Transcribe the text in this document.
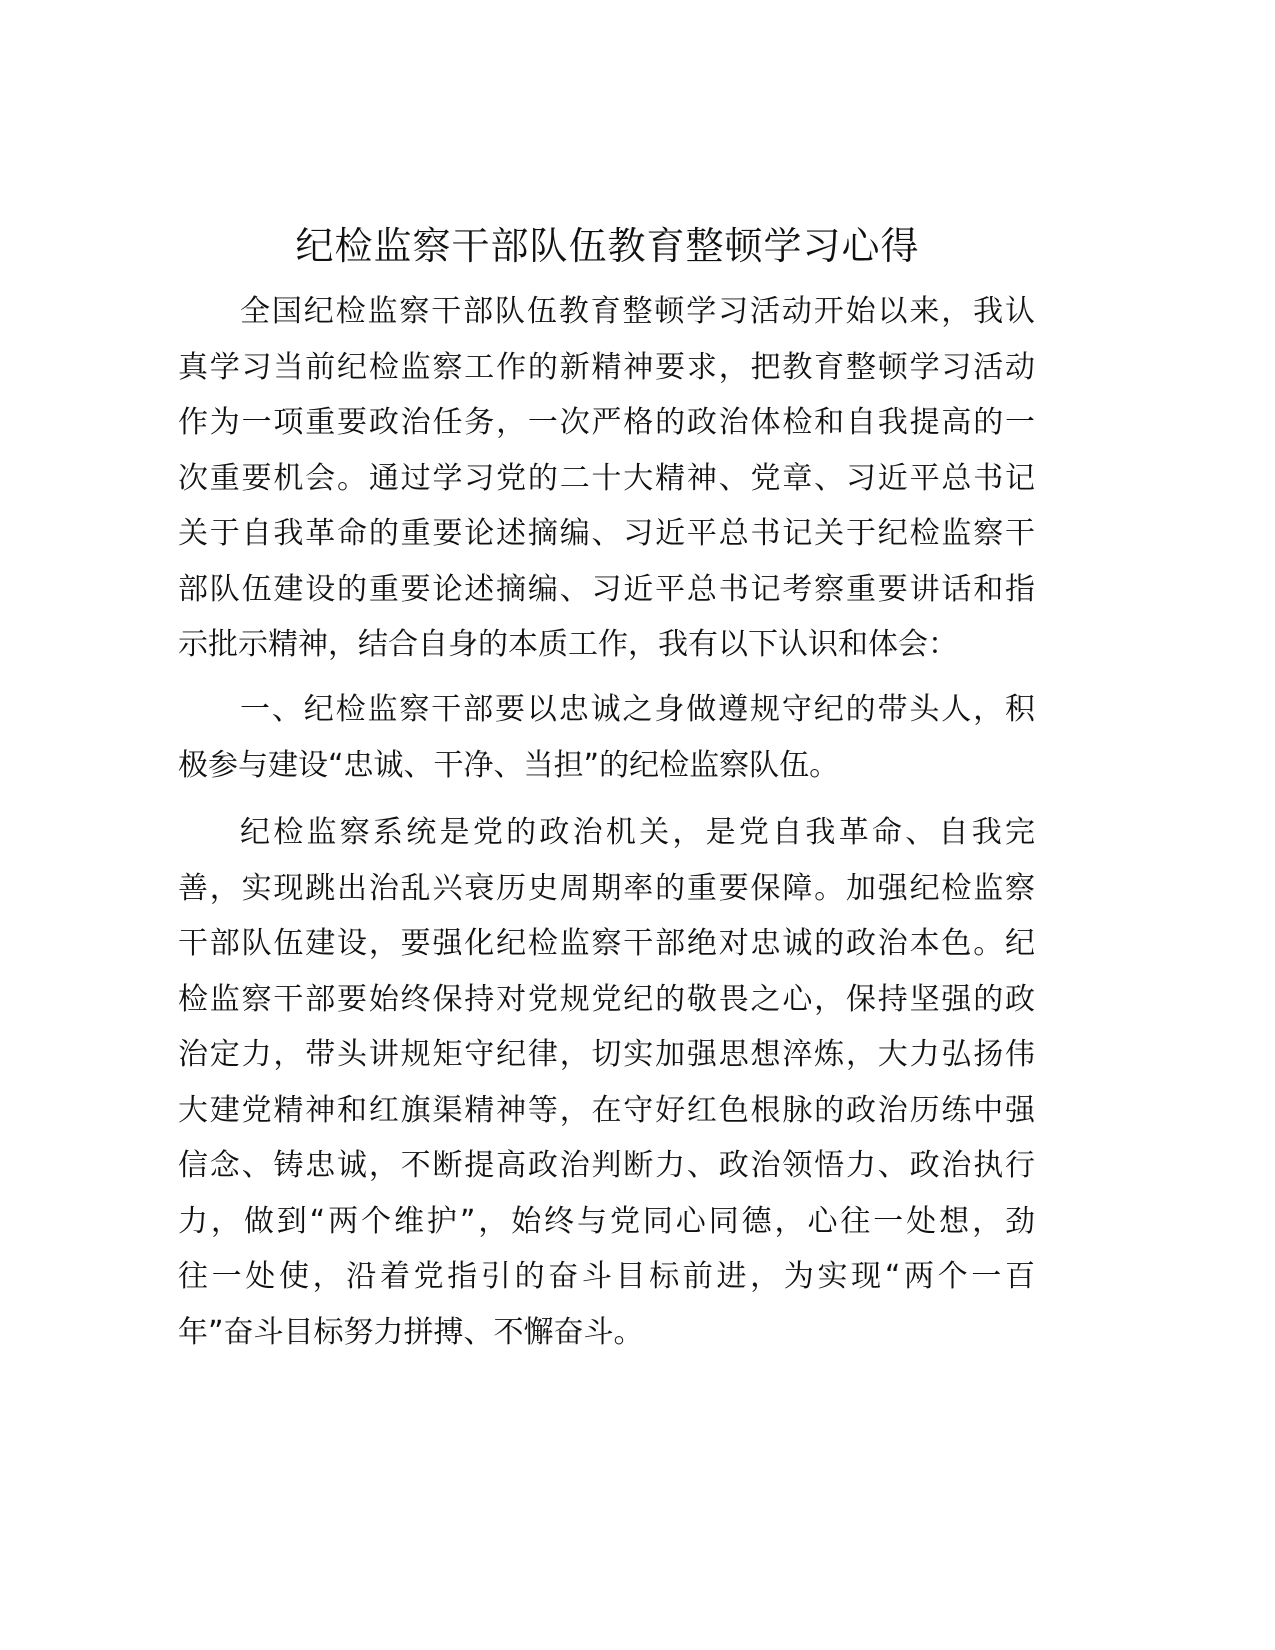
纪检监察干部队伍教育整顿学习心得
全国纪检监察干部队伍教育整顿学习活动开始以来，我认
真学习当前纪检监察工作的新精神要求，把教育整顿学习活动
作为一项重要政治任务，一次严格的政治体检和自我提高的一
次重要机会。通过学习党的二十大精神、党章、习近平总书记
关于自我革命的重要论述摘编、习近平总书记关于纪检监察干
部队伍建设的重要论述摘编、习近平总书记考察重要讲话和指
示批示精神，结合自身的本质工作，我有以下认识和体会：
一、纪检监察干部要以忠诚之身做遵规守纪的带头人，积
极参与建设“忠诚、干净、当担”的纪检监察队伍。
纪检监察系统是党的政治机关，是党自我革命、自我完
善，实现跳出治乱兴衰历史周期率的重要保障。加强纪检监察
干部队伍建设，要强化纪检监察干部绝对忠诚的政治本色。纪
检监察干部要始终保持对党规党纪的敬畏之心，保持坚强的政
治定力，带头讲规矩守纪律，切实加强思想淬炼，大力弘扬伟
大建党精神和红旗渠精神等，在守好红色根脉的政治历练中强
信念、铸忠诚，不断提高政治判断力、政治领悟力、政治执行
力，做到“两个维护”，始终与党同心同德，心往一处想，劲
往一处使，沿着党指引的奋斗目标前进，为实现“两个一百
年”奋斗目标努力拼搏、不懈奋斗。
